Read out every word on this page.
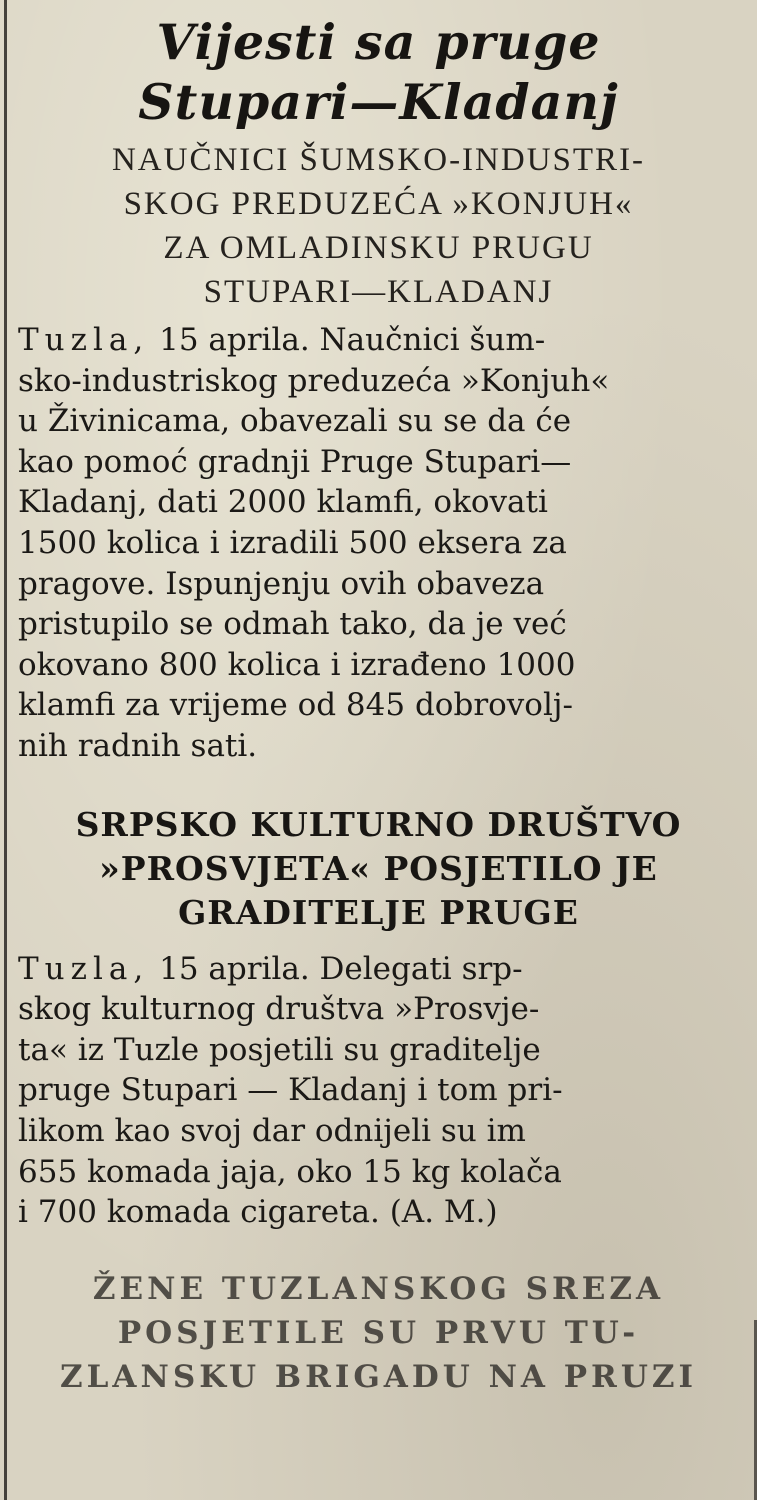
Vijesti sa pruge
Stupari—Kladanj
NAUČNICI ŠUMSKO-INDUSTRI-
SKOG PREDUZEĆA »KONJUH«
ZA OMLADINSKU PRUGU
STUPARI—KLADANJ
Tuzla, 15 aprila. Naučnici šum-
sko-industriskog preduzeća »Konjuh«
u Živinicama, obavezali su se da će
kao pomoć gradnji Pruge Stupari—
Kladanj, dati 2000 klamfi, okovati
1500 kolica i izradili 500 eksera za
pragove. Ispunjenju ovih obaveza
pristupilo se odmah tako, da je već
okovano 800 kolica i izrađeno 1000
klamfi za vrijeme od 845 dobrovolj-
nih radnih sati.
SRPSKO KULTURNO DRUŠTVO
»PROSVJETA« POSJETILO JE
GRADITELJE PRUGE
Tuzla, 15 aprila. Delegati srp-
skog kulturnog društva »Prosvje-
ta« iz Tuzle posjetili su graditelje
pruge Stupari — Kladanj i tom pri-
likom kao svoj dar odnijeli su im
655 komada jaja, oko 15 kg kolača
i 700 komada cigareta. (A. M.)
ŽENE TUZLANSKOG SREZA
POSJETILE SU PRVU TU-
ZLANSKU BRIGADU NA PRUZI
